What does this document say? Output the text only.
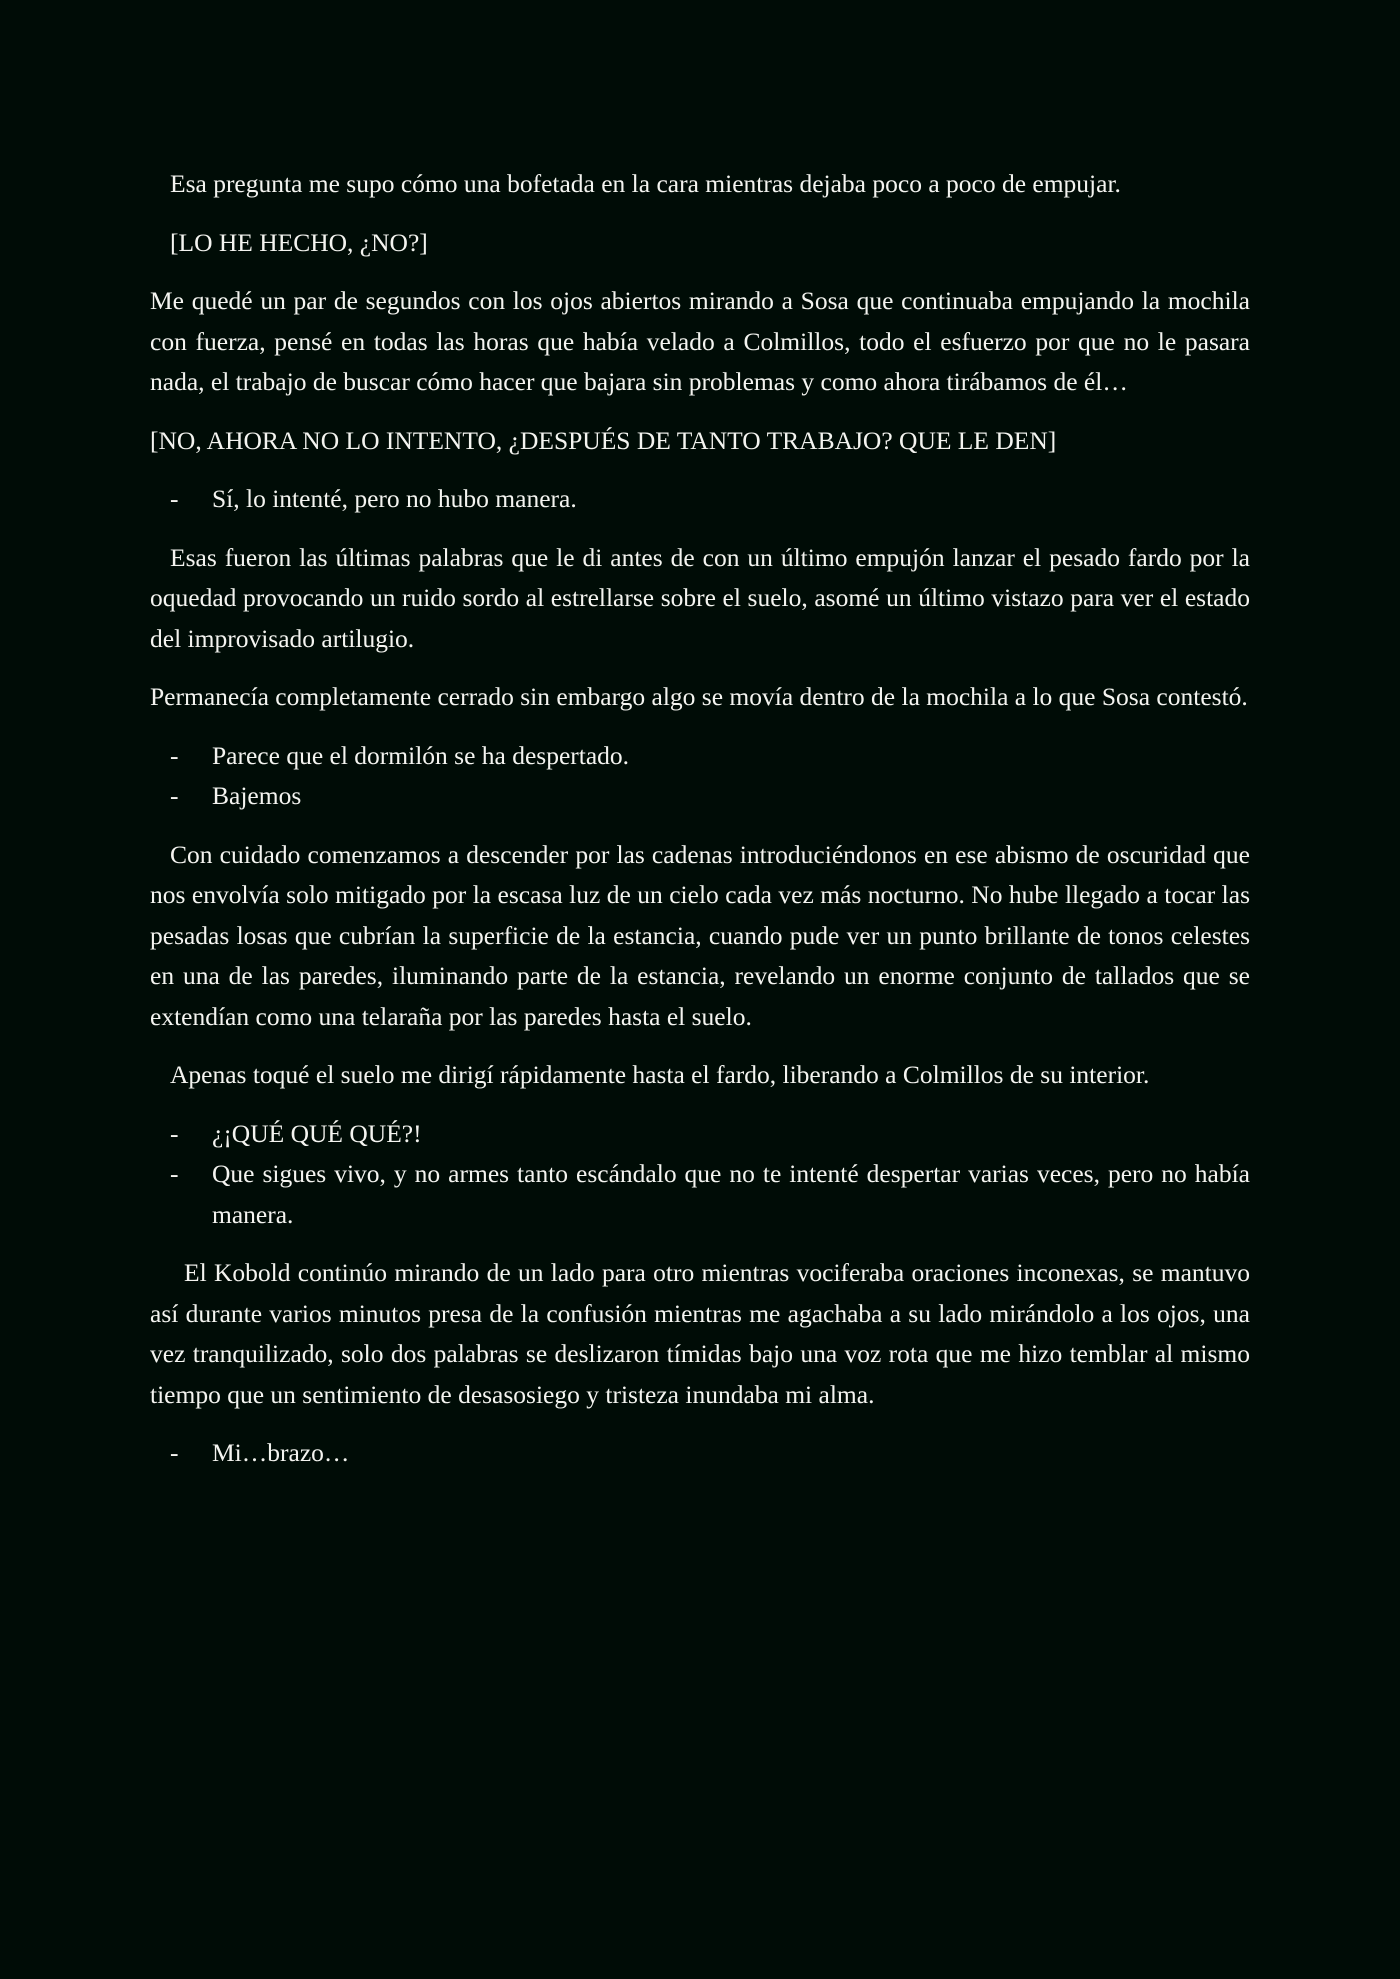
Esa pregunta me supo cómo una bofetada en la cara mientras dejaba poco a poco de empujar.

[LO HE HECHO, ¿NO?]

Me quedé un par de segundos con los ojos abiertos mirando a Sosa que continuaba empujando la mochila con fuerza, pensé en todas las horas que había velado a Colmillos, todo el esfuerzo por que no le pasara nada, el trabajo de buscar cómo hacer que bajara sin problemas y como ahora tirábamos de él…

[NO, AHORA NO LO INTENTO, ¿DESPUÉS DE TANTO TRABAJO? QUE LE DEN]

- Sí, lo intenté, pero no hubo manera.

Esas fueron las últimas palabras que le di antes de con un último empujón lanzar el pesado fardo por la oquedad provocando un ruido sordo al estrellarse sobre el suelo, asomé un último vistazo para ver el estado del improvisado artilugio.

Permanecía completamente cerrado sin embargo algo se movía dentro de la mochila a lo que Sosa contestó.

- Parece que el dormilón se ha despertado.
- Bajemos

Con cuidado comenzamos a descender por las cadenas introduciéndonos en ese abismo de oscuridad que nos envolvía solo mitigado por la escasa luz de un cielo cada vez más nocturno. No hube llegado a tocar las pesadas losas que cubrían la superficie de la estancia, cuando pude ver un punto brillante de tonos celestes en una de las paredes, iluminando parte de la estancia, revelando un enorme conjunto de tallados que se extendían como una telaraña por las paredes hasta el suelo.

Apenas toqué el suelo me dirigí rápidamente hasta el fardo, liberando a Colmillos de su interior.

- ¿¡QUÉ QUÉ QUÉ?!
- Que sigues vivo, y no armes tanto escándalo que no te intenté despertar varias veces, pero no había manera.

El Kobold continúo mirando de un lado para otro mientras vociferaba oraciones inconexas, se mantuvo así durante varios minutos presa de la confusión mientras me agachaba a su lado mirándolo a los ojos, una vez tranquilizado, solo dos palabras se deslizaron tímidas bajo una voz rota que me hizo temblar al mismo tiempo que un sentimiento de desasosiego y tristeza inundaba mi alma.

- Mi…brazo…
